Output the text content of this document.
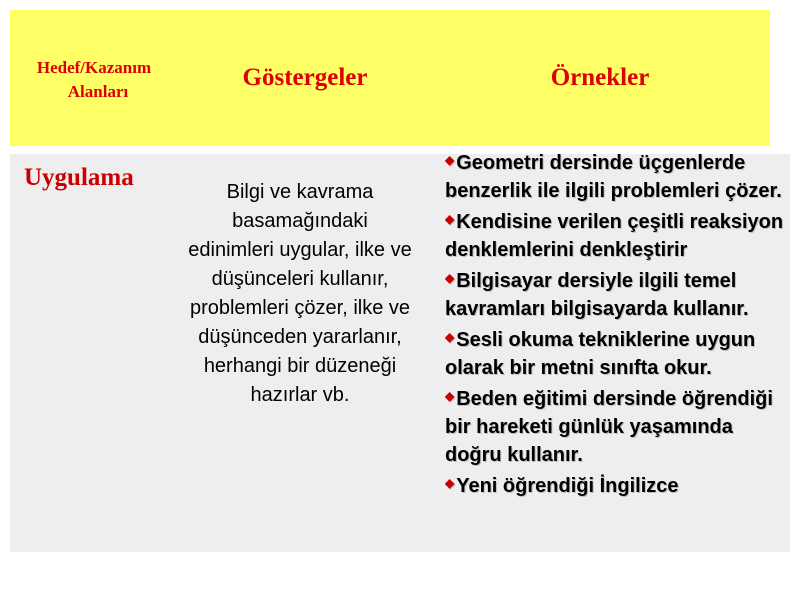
Hedef/Kazanım
Alanları
Göstergeler	Örnekler
Uygulama
Bilgi ve kavrama basamağındaki edinimleri uygular, ilke ve düşünceleri kullanır, problemleri çözer, ilke ve düşünceden yararlanır, herhangi bir düzeneği hazırlar vb.
◆ Geometri dersinde üçgenlerde benzerlik ile ilgili problemleri çözer.
◆ Kendisine verilen çeşitli reaksiyon denklemlerini denkleştirir
◆ Bilgisayar dersiyle ilgili temel kavramları bilgisayarda kullanır.
◆ Sesli okuma tekniklerine uygun olarak bir metni sınıfta okur.
◆ Beden eğitimi dersinde öğrendiği bir hareketi günlük yaşamında doğru kullanır.
◆ Yeni öğrendiği İngilizce
